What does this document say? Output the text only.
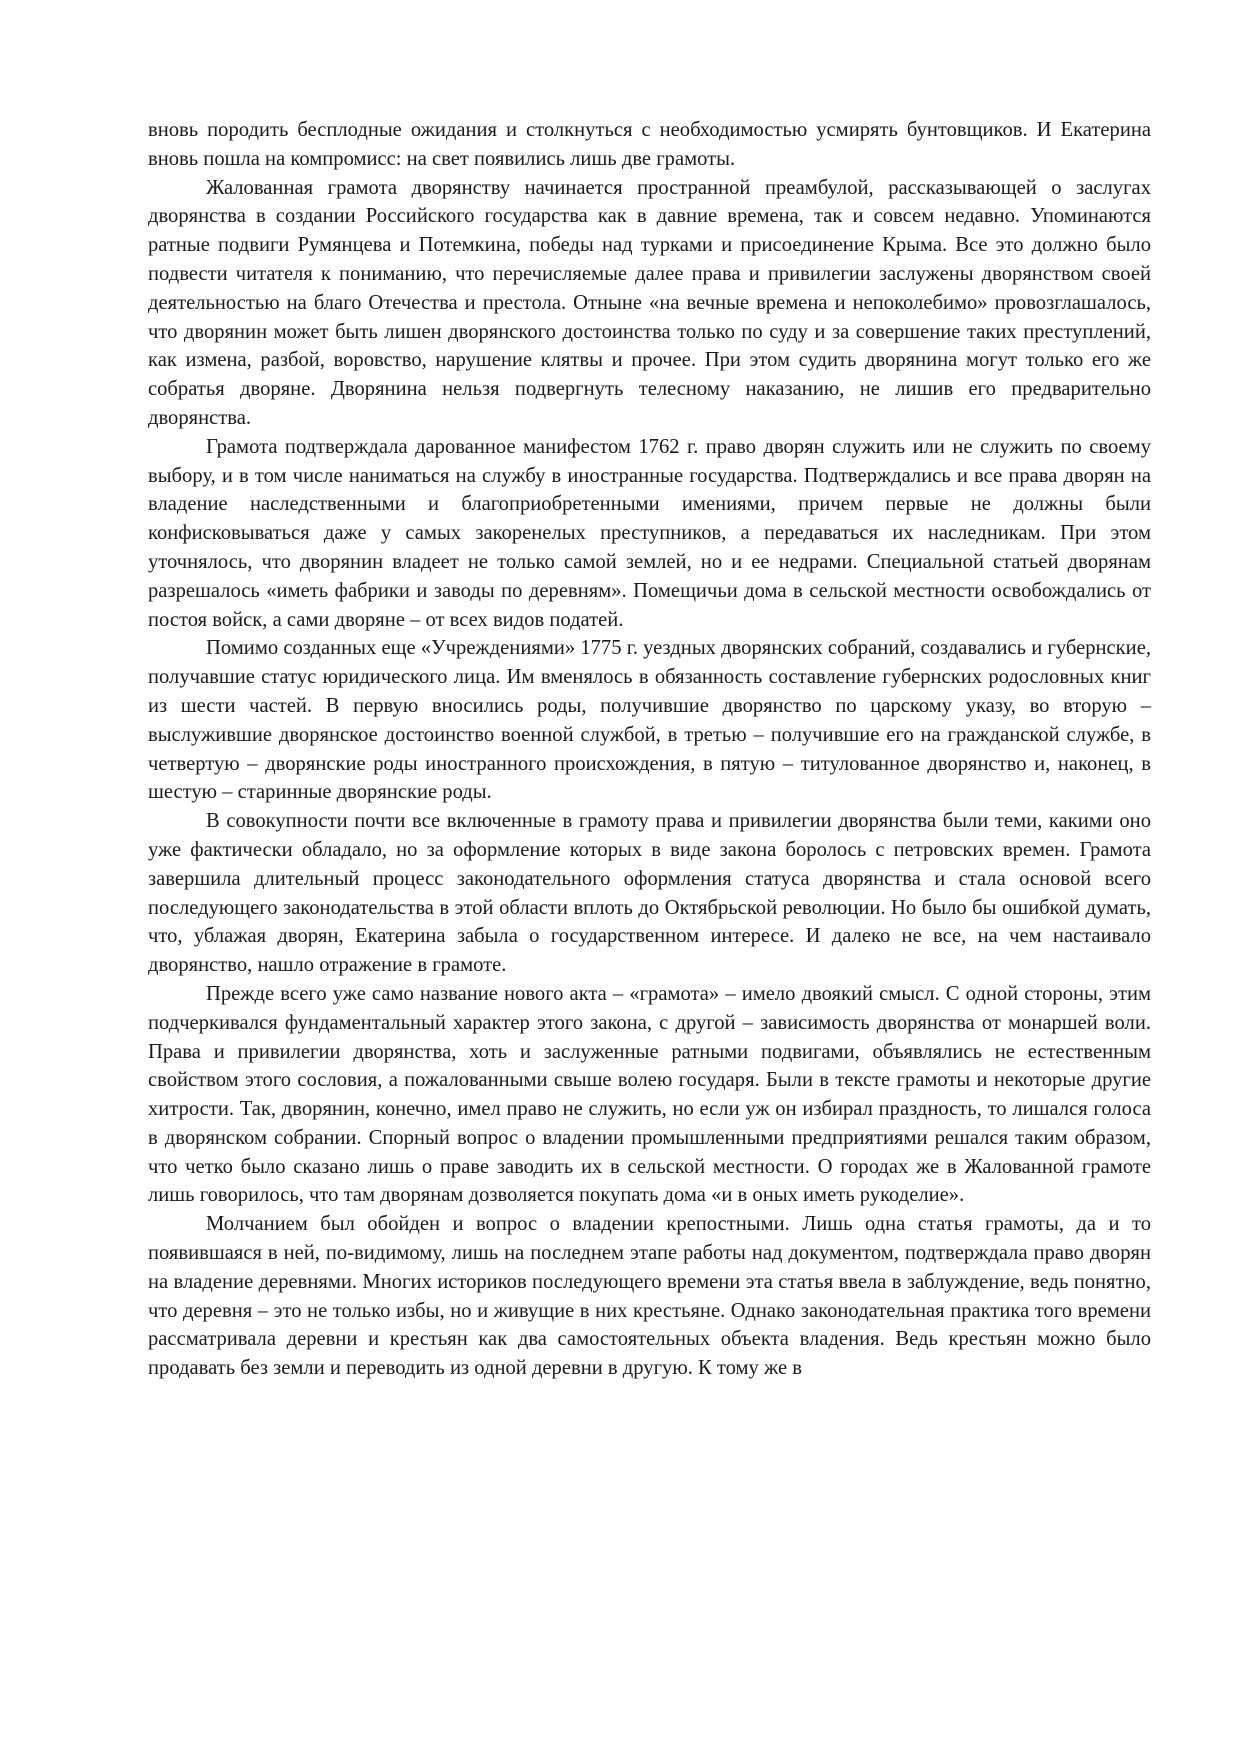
вновь породить бесплодные ожидания и столкнуться с необходимостью усмирять бунтовщиков. И Екатерина вновь пошла на компромисс: на свет появились лишь две грамоты.

Жалованная грамота дворянству начинается пространной преамбулой, рассказывающей о заслугах дворянства в создании Российского государства как в давние времена, так и совсем недавно. Упоминаются ратные подвиги Румянцева и Потемкина, победы над турками и присоединение Крыма. Все это должно было подвести читателя к пониманию, что перечисляемые далее права и привилегии заслужены дворянством своей деятельностью на благо Отечества и престола. Отныне «на вечные времена и непоколебимо» провозглашалось, что дворянин может быть лишен дворянского достоинства только по суду и за совершение таких преступлений, как измена, разбой, воровство, нарушение клятвы и прочее. При этом судить дворянина могут только его же собратья дворяне. Дворянина нельзя подвергнуть телесному наказанию, не лишив его предварительно дворянства.

Грамота подтверждала дарованное манифестом 1762 г. право дворян служить или не служить по своему выбору, и в том числе наниматься на службу в иностранные государства. Подтверждались и все права дворян на владение наследственными и благоприобретенными имениями, причем первые не должны были конфисковываться даже у самых закоренелых преступников, а передаваться их наследникам. При этом уточнялось, что дворянин владеет не только самой землей, но и ее недрами. Специальной статьей дворянам разрешалось «иметь фабрики и заводы по деревням». Помещичьи дома в сельской местности освобождались от постоя войск, а сами дворяне – от всех видов податей.

Помимо созданных еще «Учреждениями» 1775 г. уездных дворянских собраний, создавались и губернские, получавшие статус юридического лица. Им вменялось в обязанность составление губернских родословных книг из шести частей. В первую вносились роды, получившие дворянство по царскому указу, во вторую – выслужившие дворянское достоинство военной службой, в третью – получившие его на гражданской службе, в четвертую – дворянские роды иностранного происхождения, в пятую – титулованное дворянство и, наконец, в шестую – старинные дворянские роды.

В совокупности почти все включенные в грамоту права и привилегии дворянства были теми, какими оно уже фактически обладало, но за оформление которых в виде закона боролось с петровских времен. Грамота завершила длительный процесс законодательного оформления статуса дворянства и стала основой всего последующего законодательства в этой области вплоть до Октябрьской революции. Но было бы ошибкой думать, что, ублажая дворян, Екатерина забыла о государственном интересе. И далеко не все, на чем настаивало дворянство, нашло отражение в грамоте.

Прежде всего уже само название нового акта – «грамота» – имело двоякий смысл. С одной стороны, этим подчеркивался фундаментальный характер этого закона, с другой – зависимость дворянства от монаршей воли. Права и привилегии дворянства, хоть и заслуженные ратными подвигами, объявлялись не естественным свойством этого сословия, а пожалованными свыше волею государя. Были в тексте грамоты и некоторые другие хитрости. Так, дворянин, конечно, имел право не служить, но если уж он избирал праздность, то лишался голоса в дворянском собрании. Спорный вопрос о владении промышленными предприятиями решался таким образом, что четко было сказано лишь о праве заводить их в сельской местности. О городах же в Жалованной грамоте лишь говорилось, что там дворянам дозволяется покупать дома «и в оных иметь рукоделие».

Молчанием был обойден и вопрос о владении крепостными. Лишь одна статья грамоты, да и то появившаяся в ней, по-видимому, лишь на последнем этапе работы над документом, подтверждала право дворян на владение деревнями. Многих историков последующего времени эта статья ввела в заблуждение, ведь понятно, что деревня – это не только избы, но и живущие в них крестьяне. Однако законодательная практика того времени рассматривала деревни и крестьян как два самостоятельных объекта владения. Ведь крестьян можно было продавать без земли и переводить из одной деревни в другую. К тому же в
